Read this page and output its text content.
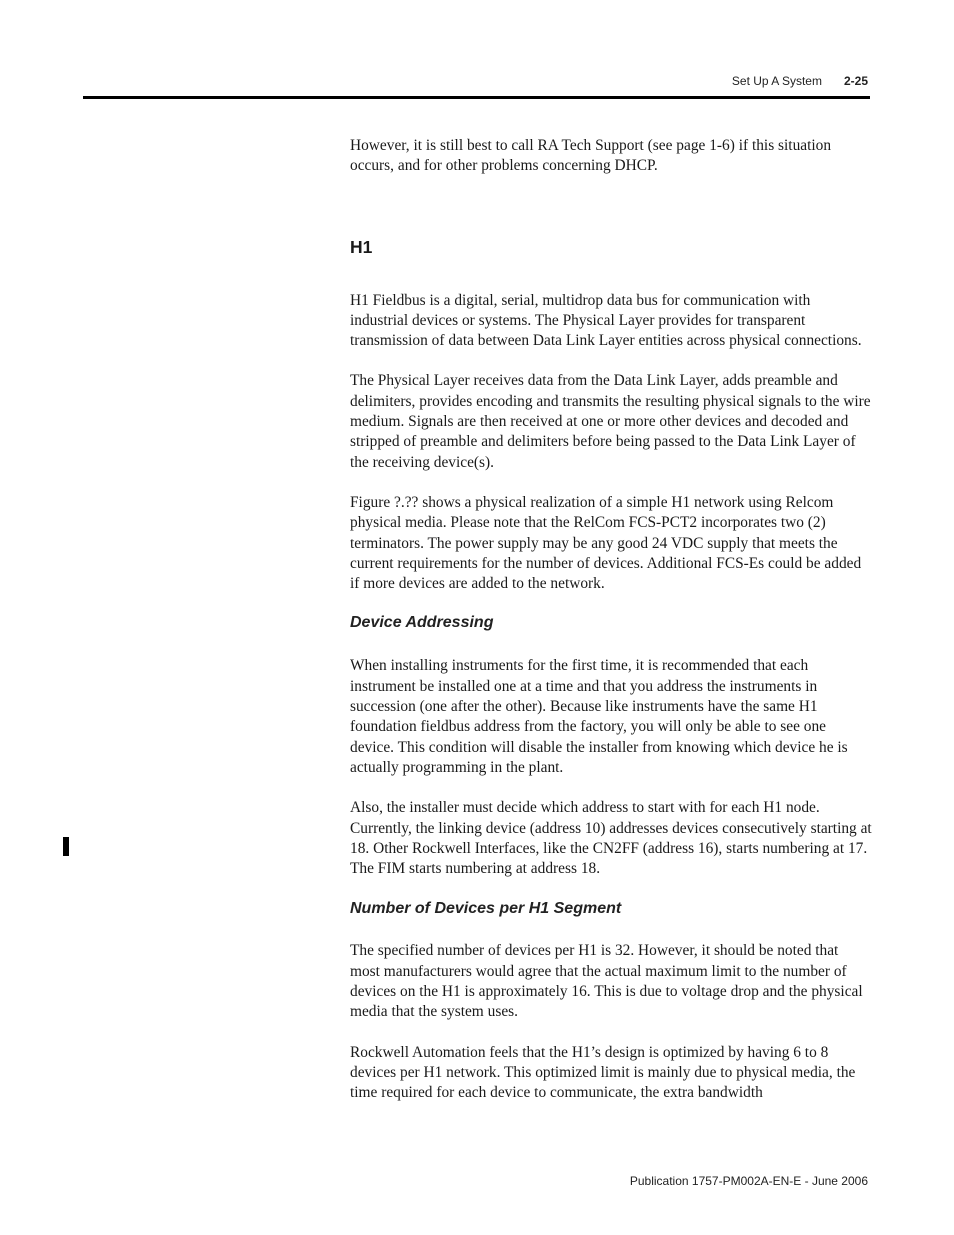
Set Up A System 2-25

However, it is still best to call RA Tech Support (see page 1-6) if this situation occurs, and for other problems concerning DHCP.

H1

H1 Fieldbus is a digital, serial, multidrop data bus for communication with industrial devices or systems. The Physical Layer provides for transparent transmission of data between Data Link Layer entities across physical connections.

The Physical Layer receives data from the Data Link Layer, adds preamble and delimiters, provides encoding and transmits the resulting physical signals to the wire medium. Signals are then received at one or more other devices and decoded and stripped of preamble and delimiters before being passed to the Data Link Layer of the receiving device(s).

Figure ?.?? shows a physical realization of a simple H1 network using Relcom physical media. Please note that the RelCom FCS-PCT2 incorporates two (2) terminators. The power supply may be any good 24 VDC supply that meets the current requirements for the number of devices. Additional FCS-Es could be added if more devices are added to the network.

Device Addressing

When installing instruments for the first time, it is recommended that each instrument be installed one at a time and that you address the instruments in succession (one after the other). Because like instruments have the same H1 foundation fieldbus address from the factory, you will only be able to see one device. This condition will disable the installer from knowing which device he is actually programming in the plant.

Also, the installer must decide which address to start with for each H1 node. Currently, the linking device (address 10) addresses devices consecutively starting at 18. Other Rockwell Interfaces, like the CN2FF (address 16), starts numbering at 17. The FIM starts numbering at address 18.

Number of Devices per H1 Segment

The specified number of devices per H1 is 32. However, it should be noted that most manufacturers would agree that the actual maximum limit to the number of devices on the H1 is approximately 16. This is due to voltage drop and the physical media that the system uses.

Rockwell Automation feels that the H1’s design is optimized by having 6 to 8 devices per H1 network. This optimized limit is mainly due to physical media, the time required for each device to communicate, the extra bandwidth

Publication 1757-PM002A-EN-E - June 2006
